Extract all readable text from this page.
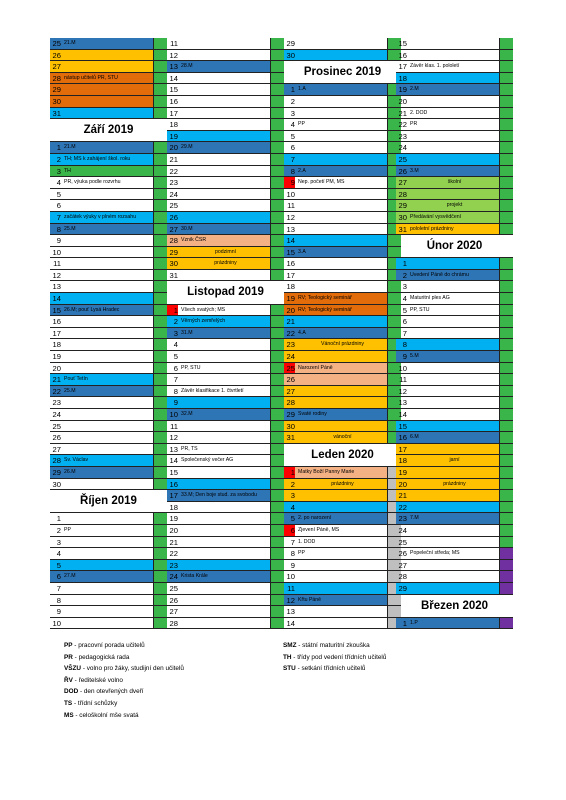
25 21.M
26
27
28 nástup učitelů PR, STU
29
30
31
Září 2019
1 21.M
2 TH; MS k zahájení škol. roku
3 TH
4 PR, výuka podle rozvrhu
5
6
7 začátek výuky v plném rozsahu
8 25.M
9
10
11
12
13
14
15 26.M; pouť Lysá Hradec
16
17
18
19
20
21 Pouť Tetín
22 25.M
23
24
25
26
27
28 Sv. Václav
29 26.M
30
Říjen 2019
1
2 PP
3
4
5
6 27.M
7
8
9
10
11
12
13 28.M
14
15
16
17
18
19
20 29.M
21
22
23
24
25
26
27 30.M
28 Vznik ČSR
29	podzimní
30	prázdniny
31
Listopad 2019
1 Všech svatých; MS
2 Věrných zemřelých
3 31.M
4
5
6 PP, STU
7
8 Závěr klasifikace 1. čtvrtletí
9
10 32.M
11
12
13 PR, TS
14 Společenský večer AG
15
16
17 33.M; Den boje stud. za svobodu
18
19
20
21
22
23
24 Krista Krále
25
26
27
28
29
30
Prosinec 2019
1 1.A
2
3
4 PP
5
6
7
8 2.A
9 Nep. početí PM, MS
10
11
12
13
14
15 3.A
16
17
18
19 RV; Teologický seminář
20 RV; Teologický seminář
21
22 4.A
23	Vánoční prázdniny
24
25 Narození Páně
26
27
28
29 Svaté rodiny
30
31	vánoční
Leden 2020
1 Matky Boží Panny Marie
2	prázdniny
3
4
5 2. po narození
6 Zjevení Páně, MS
7 1. DOD
8 PP
9
10
11
12 Křtu Páně
13
14
15
16
17 Závěr klas. 1. pololetí
18
19 2.M
20
21 2. DOD
22 PR
23
24
25
26 3.M
27	školní
28
29	projekt
30 Předávání vysvědčení
31 pololetní prázdniny
Únor 2020
1
2 Uvedení Páně do chrámu
3
4 Maturitní ples AG
5 PP, STU
6
7
8
9 5.M
10
11
12
13
14
15
16 6.M
17
18	jarní
19
20	prázdniny
21
22
23 7.M
24
25
26 Popeleční středa; MS
27
28
29
Březen 2020
1 1.P
PP - pracovní porada učitelů
PR - pedagogická rada
VŠZU - volno pro žáky, studijní den učitelů
ŘV - ředitelské volno
DOD - den otevřených dveří
TS - třídní schůzky
MS - celoškolní mše svatá
SMZ - státní maturitní zkouška
TH - třídy pod vedení třídních učitelů
STU - setkání třídních učitelů
